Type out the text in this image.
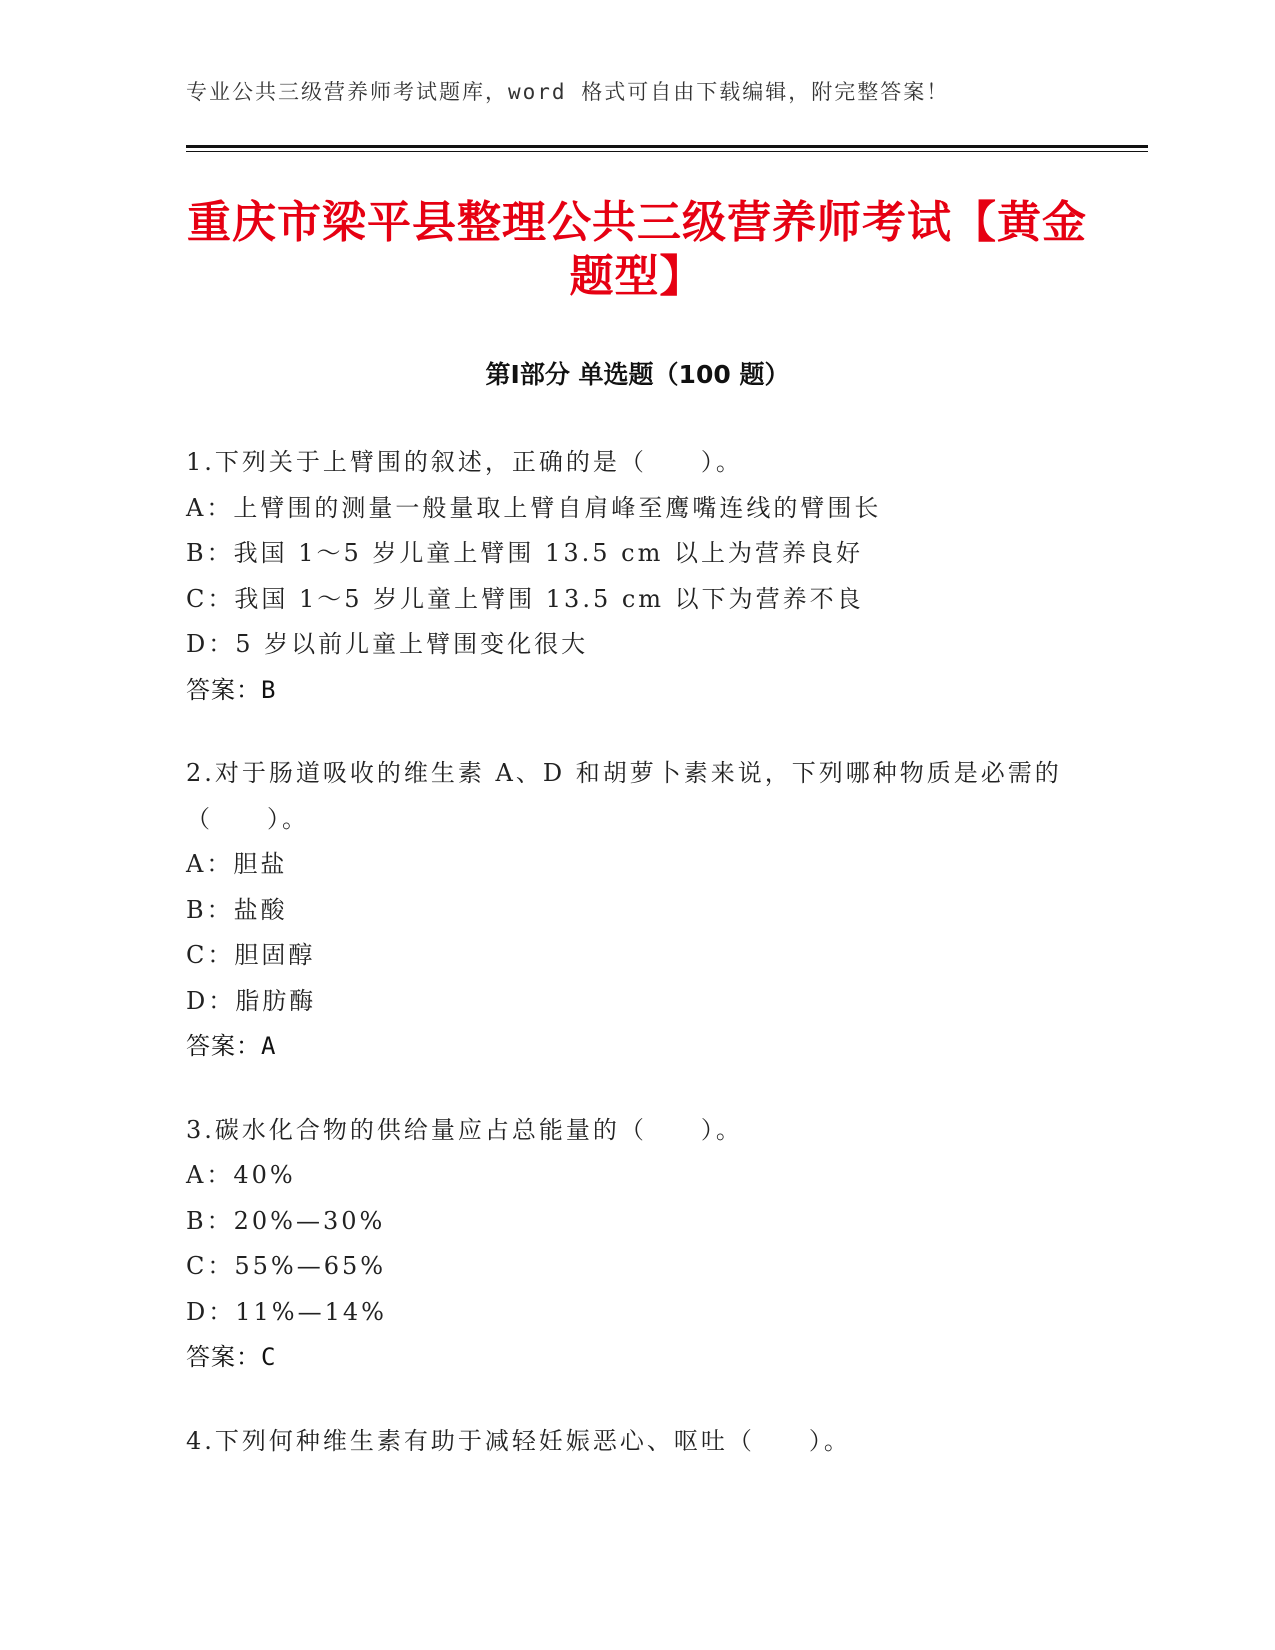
专业公共三级营养师考试题库，word 格式可自由下载编辑，附完整答案！
重庆市梁平县整理公共三级营养师考试【黄金题型】
第Ⅰ部分 单选题（100 题）
1.下列关于上臂围的叙述，正确的是（　　）。
A：上臂围的测量一般量取上臂自肩峰至鹰嘴连线的臂围长
B：我国 1～5 岁儿童上臂围 13.5 cm 以上为营养良好
C：我国 1～5 岁儿童上臂围 13.5 cm 以下为营养不良
D：5 岁以前儿童上臂围变化很大
答案：B
2.对于肠道吸收的维生素 A、D 和胡萝卜素来说，下列哪种物质是必需的（　　）。
A：胆盐
B：盐酸
C：胆固醇
D：脂肪酶
答案：A
3.碳水化合物的供给量应占总能量的（　　）。
A：40%
B：20%—30%
C：55%—65%
D：11%—14%
答案：C
4.下列何种维生素有助于减轻妊娠恶心、呕吐（　　）。
